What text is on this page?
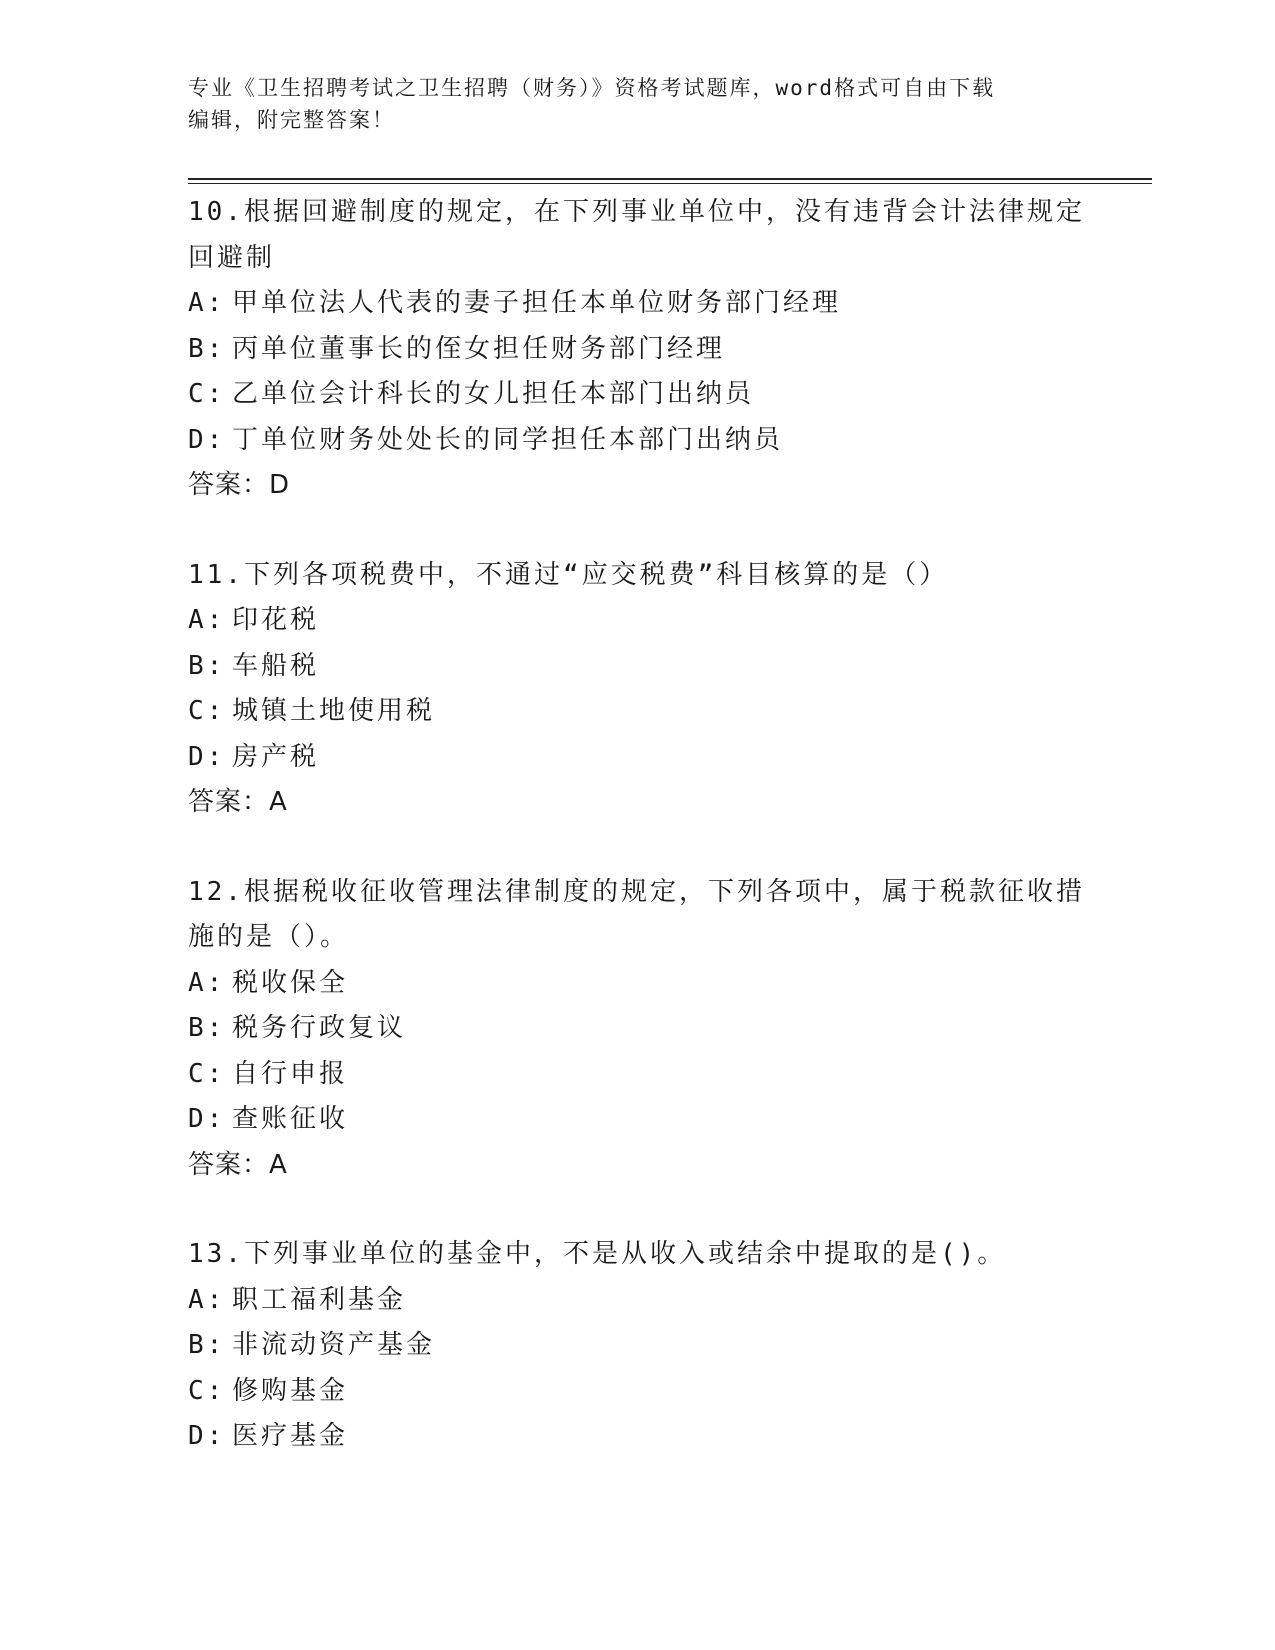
专业《卫生招聘考试之卫生招聘（财务）》资格考试题库，word格式可自由下载
编辑，附完整答案！
10.根据回避制度的规定，在下列事业单位中，没有违背会计法律规定
回避制
A: 甲单位法人代表的妻子担任本单位财务部门经理
B: 丙单位董事长的侄女担任财务部门经理
C: 乙单位会计科长的女儿担任本部门出纳员
D: 丁单位财务处处长的同学担任本部门出纳员
答案：D
11.下列各项税费中，不通过“应交税费”科目核算的是（）
A: 印花税
B: 车船税
C: 城镇土地使用税
D: 房产税
答案：A
12.根据税收征收管理法律制度的规定，下列各项中，属于税款征收措
施的是（）。
A: 税收保全
B: 税务行政复议
C: 自行申报
D: 查账征收
答案：A
13.下列事业单位的基金中，不是从收入或结余中提取的是()。
A: 职工福利基金
B: 非流动资产基金
C: 修购基金
D: 医疗基金
